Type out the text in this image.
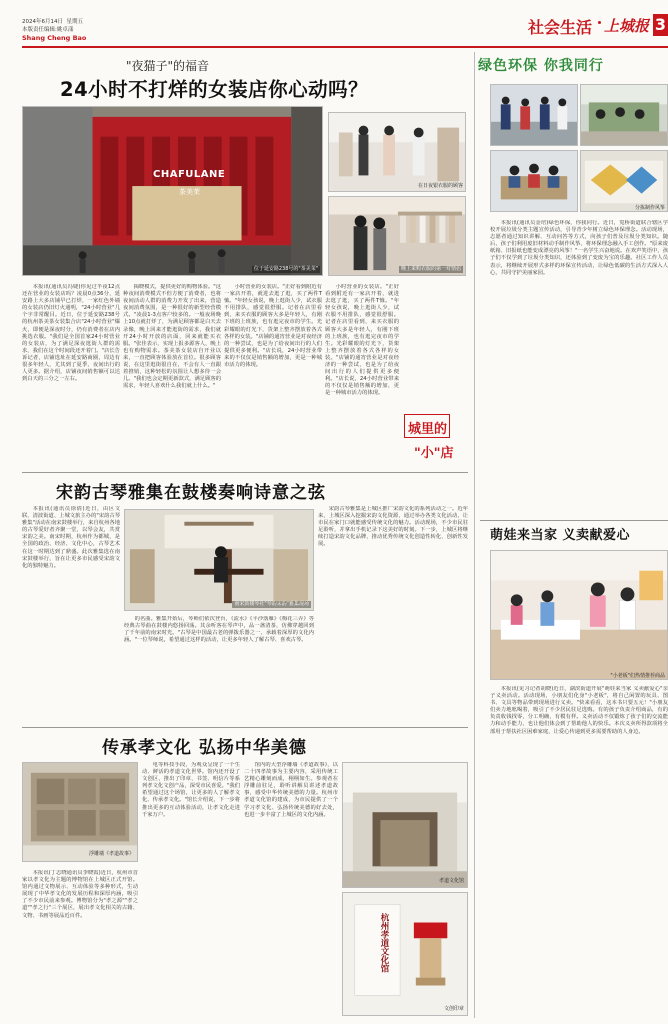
2024年6月14日 星期五
本版责任编辑:姚卓漾
Shang Cheng Bao
社会生活 上城报 3
"夜猫子"的福音
24小时不打烊的女装店你心动吗？
CHAFULANE
茶美茉
位于延安路238号的"茶美茉"
在日夜银衣服的顾客
晚上来购衣服的第一对情侣

本报讯(通讯员冯婕)你见过半夜12点还在营业的女装店吗？凌晨0点36分，延安路上大多店铺早已打烊，一家红色外墙的女装店仍旧灯火通明，"24小时营业"几个字非常醒目。近日，位于延安路238号的杭州茶美茶女装集合店"24小时营业"爆火，即便是深夜时分，仍有消费者在店内挑选衣服。"我们是全国首家24小时营业的女装店，为了满足深夜逛街人群的需求，我们在这个时间段还开着门。"店长告诉记者，店铺选址在延安路商圈，周边有很多年轻人，尤其到了夏季，夜间出行的人更多。据介绍，店铺夜间销售额可以达到白天的三分之一左右。

揭晓模式，提供更好的购物体验。"这种夜间消费模式不但方便了消费者，也将夜间活动人群的消费力开发了出来，营造夜间消费氛围，是一种很好的新型经营模式。"凌晨1-3点客户较多的。一般夜场晚上10点就打烊了，为满足顾客都是白天去录像，晚上回来才能逛街的需求，我们就开24小时开放的店面，回来就能买衣服。"张佳表示，实现上报多源客人，晚上也有购物需求。茶美茶女装店自开业以来，一直把顾客体验放在首位。很多顾客说，在这里逛街很自在，不会有人一直跟着推销，这种轻松的氛围让人想多待一会儿。"我们也会定期更新款式，满足顾客的需求，年轻人喜欢什么我们就上什么。"

小时营业的女装店。"正好看到附近有一家店开着，就进去逛了逛，买了两件T恤。"年轻女孩说，晚上逛街人少，试衣服不用排队，感觉很舒服。记者在店里看到，来买衣服的顾客大多是年轻人，有刚下班的上班族，也有逛完夜市的学生。光彩耀眼的灯光下，货架上整齐摆放着各式各样的女装。"店铺的通宵营业是对夜经济的一种尝试，也是为了给夜间出行的人们提供更多便利。"店长说，24小时营业带来的不仅仅是销售额的增加，更是一种城市活力的体现。

小时营业的女装店。"正好看到附近有一家店开着，就进去逛了逛，买了两件T恤。"年轻女孩说，晚上逛街人少，试衣服不用排队，感觉很舒服。记者在店里看到，来买衣服的顾客大多是年轻人，有刚下班的上班族，也有逛完夜市的学生。光彩耀眼的灯光下，货架上整齐摆放着各式各样的女装。"店铺的通宵营业是对夜经济的一种尝试，也是为了给夜间出行的人们提供更多便利。"店长说，24小时营业带来的不仅仅是销售额的增加，更是一种城市活力的体现。

城里的
"小"店
宋韵古琴雅集在鼓楼奏响诗意之弦

本报讯(通讯员徐倩)近日，由区文联、清波街道、上城文旅主办的"宋韵古琴雅集"活动在南宋鼓楼举行，来自杭州各地的古琴爱好者齐聚一堂，以琴会友，共赏宋韵之美。南宋时期，杭州作为都城，是全国的政治、经济、文化中心，古琴艺术在这一时期达到了鼎盛。此次雅集选在南宋鼓楼举行，旨在让更多市民感受宋韵文化的独特魅力。

南宋鼓楼琴社"琴韵宋韵"雅集现场

的名曲。雅集开始后，琴师们依次登台，《流水》《平沙落雁》《梅花三弄》等经典古琴曲在鼓楼内悠扬回荡。其余听客在琴声中，品一盏清茶，仿佛穿越回到了千年前的南宋时光。"古琴是中国最古老的弹拨乐器之一，承载着深厚的文化内涵。"一位琴师说，希望通过这样的活动，让更多年轻人了解古琴、喜欢古琴。

宋韵古琴雅集是上城区推广宋韵文化的系列活动之一。近年来，上城区深入挖掘宋韵文化资源，通过举办各类文化活动，让市民在家门口就能感受传统文化的魅力。活动现场，不少市民驻足聆听，并拿出手机记录下这美好的时刻。下一步，上城区将继续打造宋韵文化品牌，推动优秀传统文化创造性转化、创新性发展。

传承孝文化 弘扬中华美德
浮雕墙《孝道故事》

本报讯(丁志晓通讯员李晓霞)近日，杭州市首家以孝文化为主题的博物馆在上城区正式开馆。馆内通过文物展示、互动体验等多种形式，生动展现了中华孝文化的发展历程和深厚内涵，吸引了不少市民前来参观。博物馆分为"孝之源""孝之道""孝之行"三个展区，展出孝文化相关的古籍、文物、书画等展品近百件。

电等科技手段，为观众呈现了一个生动、鲜活的孝道文化世界。馆内还开设了文创区，推出了印章、书签、明信片等系列孝文化文创产品，深受市民喜爱。"我们希望通过这个场馆，让更多的人了解孝文化、传承孝文化。"馆长介绍说，下一步将推出更多的互动体验活动，让孝文化走进千家万户。

馆内的大型浮雕墙《孝道故事》，以二十四孝故事为主要内容，采用传统工艺精心雕刻而成，栩栩如生。参观者在浮雕前驻足，聆听讲解员讲述孝道故事，感受中华传统美德的力量。杭州市孝道文化馆的建成，为市民提供了一个学习孝文化、弘扬传统美德的好去处，也进一步丰富了上城区的文化内涵。

孝道文化馆
杭州孝道文化馆
文创印章
绿色环保 你我同行
分拣制作风筝

本报讯(通讯员金培)绿色环保，你我同行。近日，笕桥街道联合辖区学校开展垃圾分类主题宣传活动，引导青少年树立绿色环保理念。活动现场，志愿者通过知识讲解、互动问答等方式，向孩子们普及垃圾分类知识。随后，孩子们利用废旧材料动手制作风筝，将环保理念融入手工创作。"原来废纸箱、旧报纸也能变成漂亮的风筝！"一名学生兴奋地说。在欢声笑语中，孩子们不仅学到了垃圾分类知识，还体验到了变废为宝的乐趣。社区工作人员表示，将继续开展形式多样的环保宣传活动，让绿色低碳的生活方式深入人心，共同守护美丽家园。

萌娃来当家 义卖献爱心
"小老板"们热情推荐商品

本报讯(见习记者胡晓)近日，湖滨街道开展"萌娃来当家 义卖献爱心"亲子义卖活动。活动现场，小朋友们化身"小老板"，将自己闲置的玩具、图书、文具等物品带到现场进行义卖。"快来看看，这本书只要五元！"小朋友们卖力地吆喝着，吸引了不少居民驻足选购。有的孩子负责介绍商品，有的负责收钱找零，分工明确，有模有样。义卖活动不仅锻炼了孩子们的交流能力和动手能力，也让他们体会到了帮助他人的快乐。本次义卖所得款项将全部用于帮扶社区困难家庭，让爱心传递到更多需要帮助的人身边。
